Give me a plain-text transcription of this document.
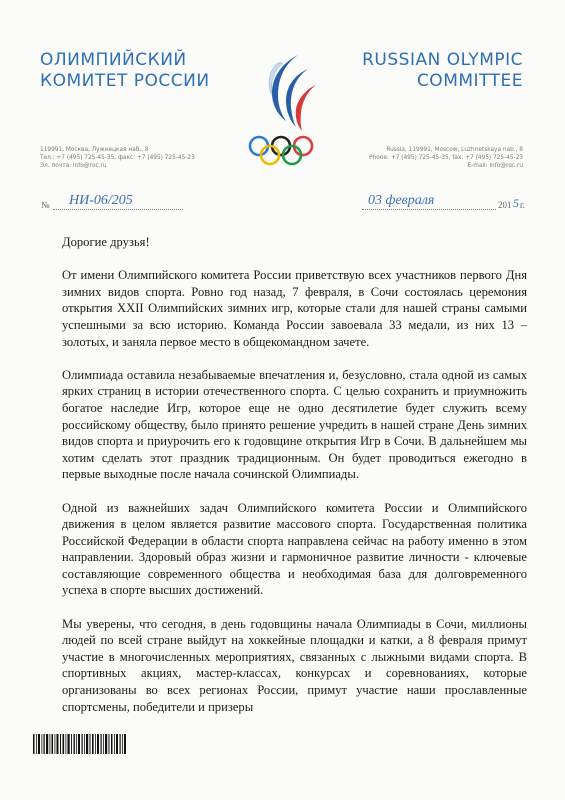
ОЛИМПИЙСКИЙ
КОМИТЕТ РОССИИ
RUSSIAN OLYMPIC
COMMITTEE
119991, Москва, Лужнецкая наб., 8
Тел.: +7 (495) 725-45-35, факс: +7 (495) 725-45-23
Эл. почта: info@roc.ru
Russia, 119991, Moscow, Luzhnetskaya nab., 8
Phone: +7 (495) 725-45-35, fax: +7 (495) 725-45-23
E-mail: info@roc.ru
№ НИ-06/205	03 февраля	201 5 г.

Дорогие друзья!

От имени Олимпийского комитета России приветствую всех участников первого Дня зимних видов спорта. Ровно год назад, 7 февраля, в Сочи состоялась церемония открытия XXII Олимпийских зимних игр, которые стали для нашей страны самыми успешными за всю историю. Команда России завоевала 33 медали, из них 13 – золотых, и заняла первое место в общекомандном зачете.

Олимпиада оставила незабываемые впечатления и, безусловно, стала одной из самых ярких страниц в истории отечественного спорта. С целью сохранить и приумножить богатое наследие Игр, которое еще не одно десятилетие будет служить всему российскому обществу, было принято решение учредить в нашей стране День зимних видов спорта и приурочить его к годовщине открытия Игр в Сочи. В дальнейшем мы хотим сделать этот праздник традиционным. Он будет проводиться ежегодно в первые выходные после начала сочинской Олимпиады.

Одной из важнейших задач Олимпийского комитета России и Олимпийского движения в целом является развитие массового спорта. Государственная политика Российской Федерации в области спорта направлена сейчас на работу именно в этом направлении. Здоровый образ жизни и гармоничное развитие личности - ключевые составляющие современного общества и необходимая база для долговременного успеха в спорте высших достижений.

Мы уверены, что сегодня, в день годовщины начала Олимпиады в Сочи, миллионы людей по всей стране выйдут на хоккейные площадки и катки, а 8 февраля примут участие в многочисленных мероприятиях, связанных с лыжными видами спорта. В спортивных акциях, мастер-классах, конкурсах и соревнованиях, которые организованы во всех регионах России, примут участие наши прославленные спортсмены, победители и призеры
